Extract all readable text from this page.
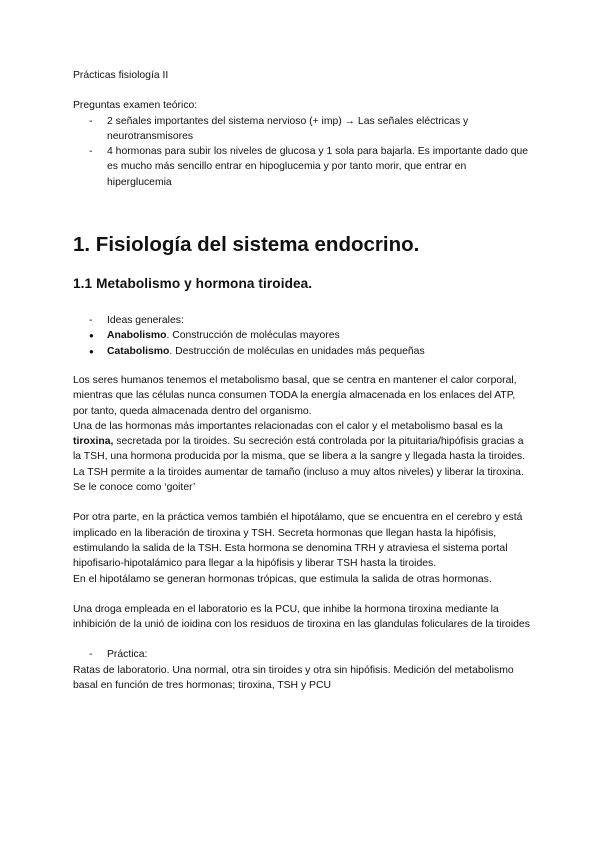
Prácticas fisiología II

Preguntas examen teórico:

- 2 señales importantes del sistema nervioso (+ imp) → Las señales eléctricas y neurotransmisores
- 4 hormonas para subir los niveles de glucosa y 1 sola para bajarla. Es importante dado que es mucho más sencillo entrar en hipoglucemia y por tanto morir, que entrar en hiperglucemia
1. Fisiología del sistema endocrino.
1.1 Metabolismo y hormona tiroidea.
- Ideas generales:
● Anabolismo. Construcción de moléculas mayores
● Catabolismo. Destrucción de moléculas en unidades más pequeñas

Los seres humanos tenemos el metabolismo basal, que se centra en mantener el calor corporal, mientras que las células nunca consumen TODA la energía almacenada en los enlaces del ATP, por tanto, queda almacenada dentro del organismo.

Una de las hormonas más importantes relacionadas con el calor y el metabolismo basal es la tiroxina, secretada por la tiroides. Su secreción está controlada por la pituitaria/hipófisis gracias a la TSH, una hormona producida por la misma, que se libera a la sangre y llegada hasta la tiroides.

La TSH permite a la tiroides aumentar de tamaño (incluso a muy altos niveles) y liberar la tiroxina. Se le conoce como ‘goiter’

Por otra parte, en la práctica vemos también el hipotálamo, que se encuentra en el cerebro y está implicado en la liberación de tiroxina y TSH. Secreta hormonas que llegan hasta la hipófisis, estimulando la salida de la TSH. Esta hormona se denomina TRH y atraviesa el sistema portal hipofisario-hipotalámico para llegar a la hipófisis y liberar TSH hasta la tiroides.

En el hipotálamo se generan hormonas trópicas, que estimula la salida de otras hormonas.

Una droga empleada en el laboratorio es la PCU, que inhibe la hormona tiroxina mediante la inhibición de la unió de ioidina con los residuos de tiroxina en las glandulas foliculares de la tiroides

- Práctica:

Ratas de laboratorio. Una normal, otra sin tiroides y otra sin hipófisis. Medición del metabolismo basal en función de tres hormonas; tiroxina, TSH y PCU
